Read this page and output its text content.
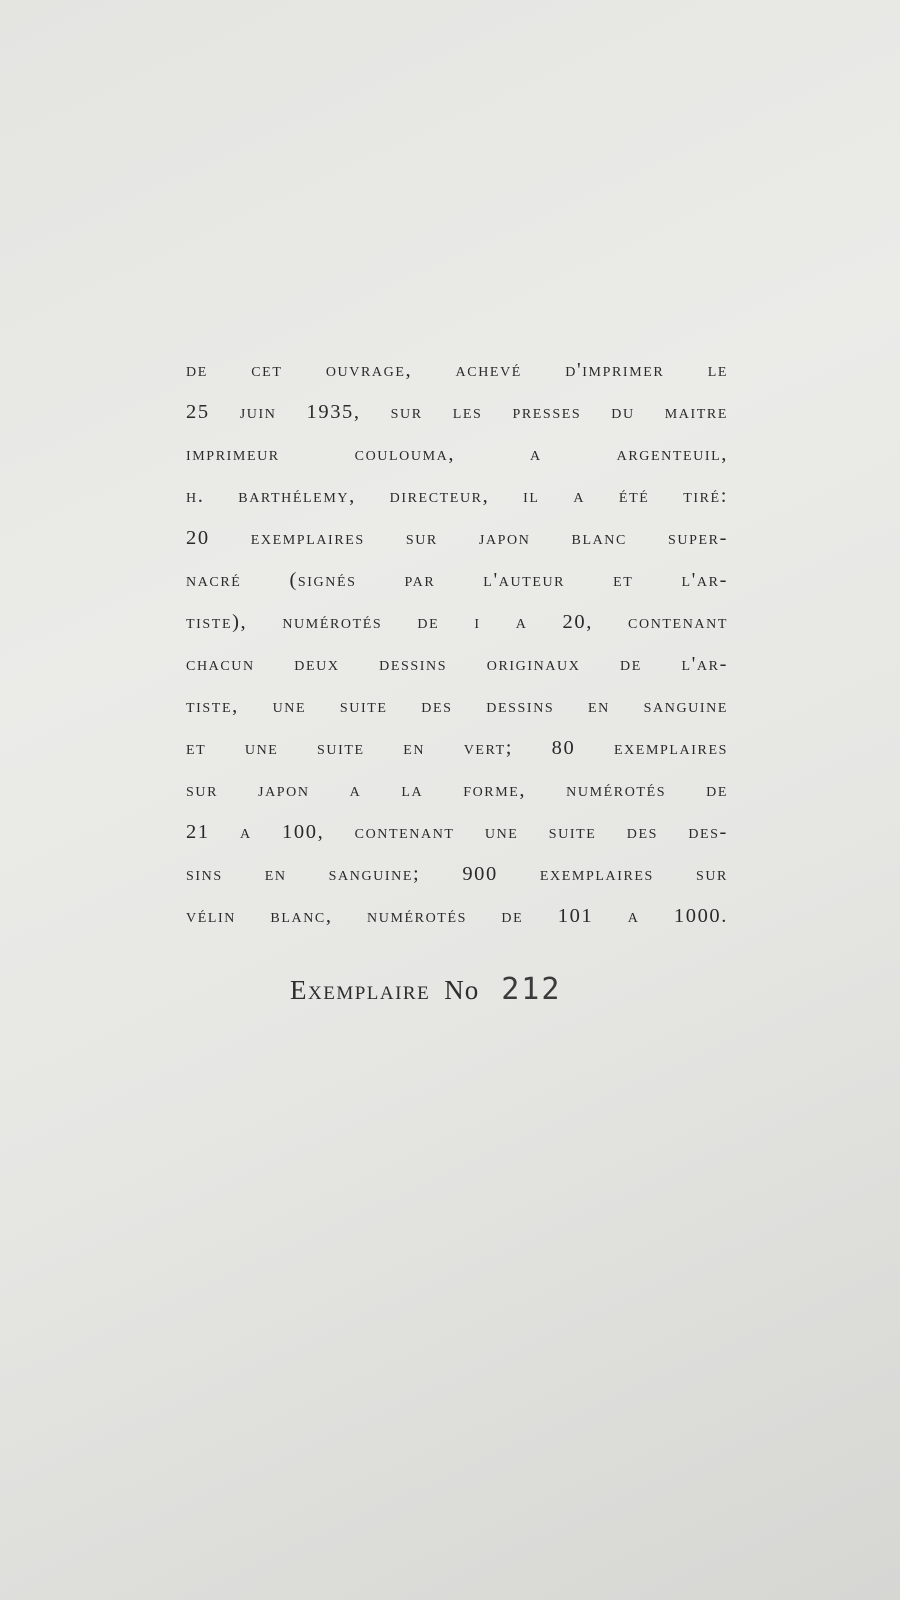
de cet ouvrage, achevé d'imprimer le
25 juin 1935, sur les presses du maitre
imprimeur coulouma, a argenteuil,
h. barthélemy, directeur, il a été tiré:
20 exemplaires sur japon blanc super-
nacré (signés par l'auteur et l'ar-
tiste), numérotés de i a 20, contenant
chacun deux dessins originaux de l'ar-
tiste, une suite des dessins en sanguine
et une suite en vert; 80 exemplaires
sur japon a la forme, numérotés de
21 a 100, contenant une suite des des-
sins en sanguine; 900 exemplaires sur
vélin blanc, numérotés de 101 a 1000.
Exemplaire No 212
